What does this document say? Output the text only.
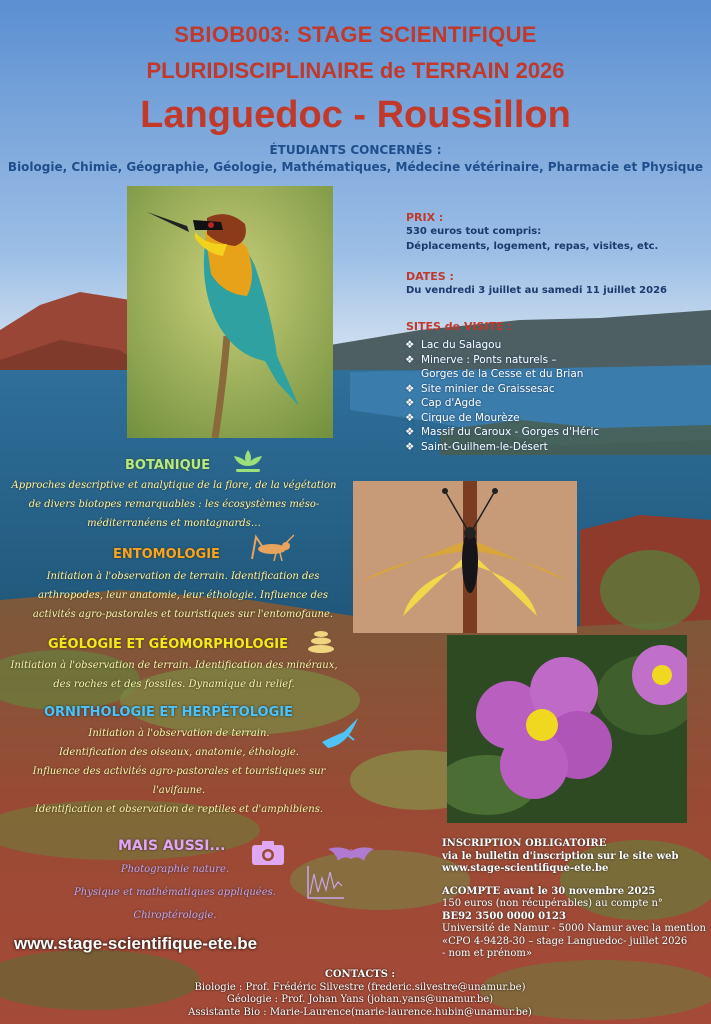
SBIOB003: STAGE SCIENTIFIQUE
PLURIDISCIPLINAIRE de TERRAIN 2026
Languedoc - Roussillon
ÉTUDIANTS CONCERNÉS :
Biologie, Chimie, Géographie, Géologie, Mathématiques, Médecine vétérinaire, Pharmacie et Physique
PRIX :
530 euros tout compris:
Déplacements, logement, repas, visites, etc.
DATES :
Du vendredi 3 juillet au samedi 11 juillet 2026
SITES de VISITE :
❖ Lac du Salagou
❖ Minerve : Ponts naturels –
Gorges de la Cesse et du Brian
❖ Site minier de Graissesac
❖ Cap d'Agde
❖ Cirque de Mourèze
❖ Massif du Caroux - Gorges d'Héric
❖ Saint-Guilhem-le-Désert
BOTANIQUE
Approches descriptive et analytique de la flore, de la végétation de divers biotopes remarquables : les écosystèmes mésoméditerranéens et montagnards…
ENTOMOLOGIE
Initiation à l'observation de terrain. Identification des arthropodes, leur anatomie, leur éthologie. Influence des activités agro-pastorales et touristiques sur l'entomofaune.
GÉOLOGIE ET GÉOMORPHOLOGIE
Initiation à l'observation de terrain. Identification des minéraux, des roches et des fossiles. Dynamique du relief.
ORNITHOLOGIE ET HERPÉTOLOGIE
Initiation à l'observation de terrain.
Identification des oiseaux, anatomie, éthologie.
Influence des activités agro-pastorales et touristiques sur l'avifaune.
Identification et observation de reptiles et d'amphibiens.
MAIS AUSSI...
Photographie nature.
Physique et mathématiques appliquées.
Chiroptérologie.
INSCRIPTION OBLIGATOIRE
via le bulletin d'inscription sur le site web
www.stage-scientifique-ete.be
ACOMPTE avant le 30 novembre 2025
150 euros (non récupérables) au compte n°
BE92 3500 0000 0123
Université de Namur - 5000 Namur avec la mention
«CPO 4-9428-30 – stage Languedoc- juillet 2026
- nom et prénom»
www.stage-scientifique-ete.be
CONTACTS :
Biologie : Prof. Frédéric Silvestre (frederic.silvestre@unamur.be)
Géologie : Prof. Johan Yans (johan.yans@unamur.be)
Assistante Bio : Marie-Laurence(marie-laurence.hubin@unamur.be)
